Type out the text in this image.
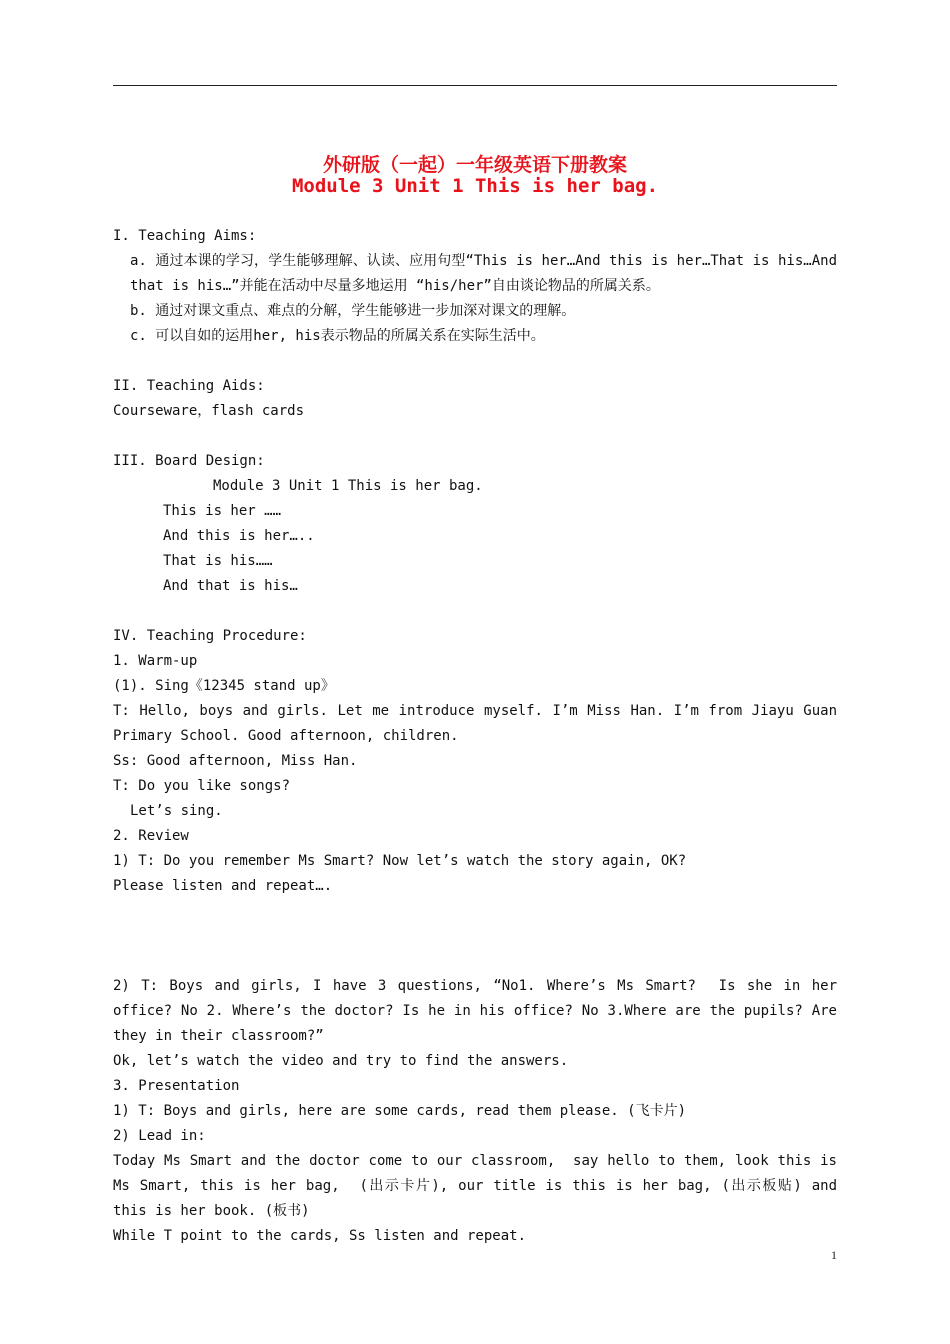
外研版（一起）一年级英语下册教案
Module 3 Unit 1 This is her bag.

I. Teaching Aims:

a. 通过本课的学习，学生能够理解、认读、应用句型“This is her…And this is her…That is his…And that is his…”并能在活动中尽量多地运用 “his/her”自由谈论物品的所属关系。

b. 通过对课文重点、难点的分解，学生能够进一步加深对课文的理解。

c. 可以自如的运用her, his表示物品的所属关系在实际生活中。

II. Teaching Aids:

Courseware，flash cards

III. Board Design:

Module 3 Unit 1 This is her bag.

This is her ……

And this is her…..

That is his……

And that is his…

IV. Teaching Procedure:

1. Warm-up

(1). Sing《12345 stand up》

T: Hello, boys and girls. Let me introduce myself. I’m Miss Han. I’m from Jiayu Guan Primary School. Good afternoon, children.

Ss: Good afternoon, Miss Han.

T: Do you like songs?

Let’s sing.

2. Review

1) T: Do you remember Ms Smart? Now let’s watch the story again, OK?

Please listen and repeat….

2) T: Boys and girls, I have 3 questions, “No1. Where’s Ms Smart?  Is she in her office? No 2. Where’s the doctor? Is he in his office? No 3.Where are the pupils? Are they in their classroom?”

Ok, let’s watch the video and try to find the answers.

3. Presentation

1) T: Boys and girls, here are some cards, read them please. (飞卡片)

2) Lead in:

Today Ms Smart and the doctor come to our classroom,  say hello to them, look this is Ms Smart, this is her bag,  (出示卡片), our title is this is her bag, (出示板贴) and this is her book. (板书)

While T point to the cards, Ss listen and repeat.

1
